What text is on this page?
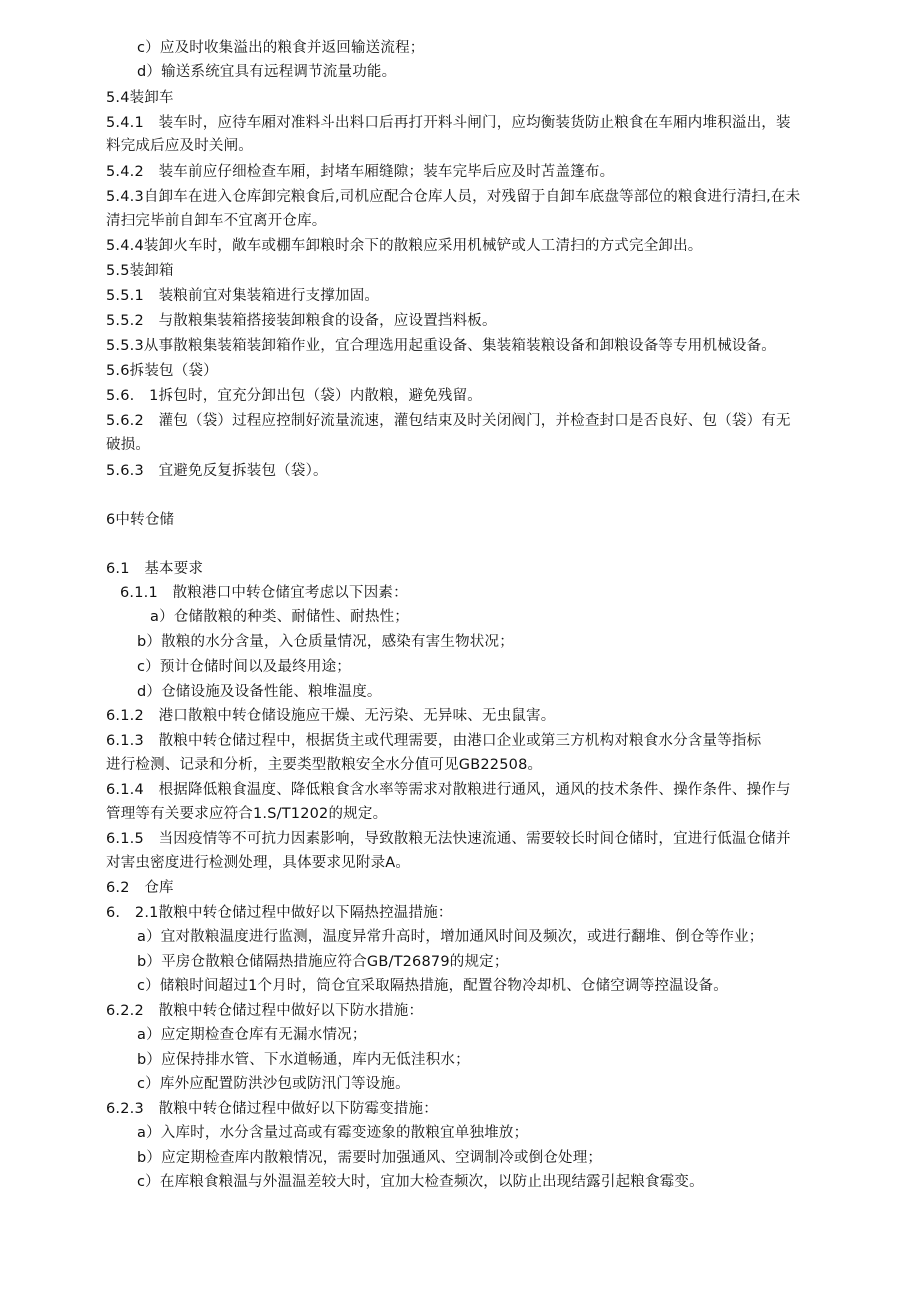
c）应及时收集溢出的粮食并返回输送流程；
d）输送系统宜具有远程调节流量功能。
5.4装卸车
5.4.1　装车时，应待车厢对准料斗出料口后再打开料斗闸门，应均衡装货防止粮食在车厢内堆积溢出，装
料完成后应及时关闸。
5.4.2　装车前应仔细检查车厢，封堵车厢缝隙；装车完毕后应及时苫盖篷布。
5.4.3自卸车在进入仓库卸完粮食后,司机应配合仓库人员，对残留于自卸车底盘等部位的粮食进行清扫,在未
清扫完毕前自卸车不宜离开仓库。
5.4.4装卸火车时，敞车或棚车卸粮时余下的散粮应采用机械铲或人工清扫的方式完全卸出。
5.5装卸箱
5.5.1　装粮前宜对集装箱进行支撑加固。
5.5.2　与散粮集装箱搭接装卸粮食的设备，应设置挡料板。
5.5.3从事散粮集装箱装卸箱作业，宜合理选用起重设备、集装箱装粮设备和卸粮设备等专用机械设备。
5.6拆装包（袋）
5.6.　1拆包时，宜充分卸出包（袋）内散粮，避免残留。
5.6.2　灌包（袋）过程应控制好流量流速，灌包结束及时关闭阀门，并检查封口是否良好、包（袋）有无
破损。
5.6.3　宜避免反复拆装包（袋）。
6中转仓储
6.1　基本要求
6.1.1　散粮港口中转仓储宜考虑以下因素：
a）仓储散粮的种类、耐储性、耐热性；
b）散粮的水分含量，入仓质量情况，感染有害生物状况；
c）预计仓储时间以及最终用途；
d）仓储设施及设备性能、粮堆温度。
6.1.2　港口散粮中转仓储设施应干燥、无污染、无异味、无虫鼠害。
6.1.3　散粮中转仓储过程中，根据货主或代理需要，由港口企业或第三方机构对粮食水分含量等指标
进行检测、记录和分析，主要类型散粮安全水分值可见GB22508。
6.1.4　根据降低粮食温度、降低粮食含水率等需求对散粮进行通风，通风的技术条件、操作条件、操作与
管理等有关要求应符合1.S/T1202的规定。
6.1.5　当因疫情等不可抗力因素影响，导致散粮无法快速流通、需要较长时间仓储时，宜进行低温仓储并
对害虫密度进行检测处理，具体要求见附录A。
6.2　仓库
6.　2.1散粮中转仓储过程中做好以下隔热控温措施：
a）宜对散粮温度进行监测，温度异常升高时，增加通风时间及频次，或进行翻堆、倒仓等作业；
b）平房仓散粮仓储隔热措施应符合GB/T26879的规定；
c）储粮时间超过1个月时，筒仓宜采取隔热措施，配置谷物冷却机、仓储空调等控温设备。
6.2.2　散粮中转仓储过程中做好以下防水措施：
a）应定期检查仓库有无漏水情况；
b）应保持排水管、下水道畅通，库内无低洼积水；
c）库外应配置防洪沙包或防汛门等设施。
6.2.3　散粮中转仓储过程中做好以下防霉变措施：
a）入库时，水分含量过高或有霉变迹象的散粮宜单独堆放；
b）应定期检查库内散粮情况，需要时加强通风、空调制冷或倒仓处理；
c）在库粮食粮温与外温温差较大时，宜加大检查频次，以防止出现结露引起粮食霉变。
